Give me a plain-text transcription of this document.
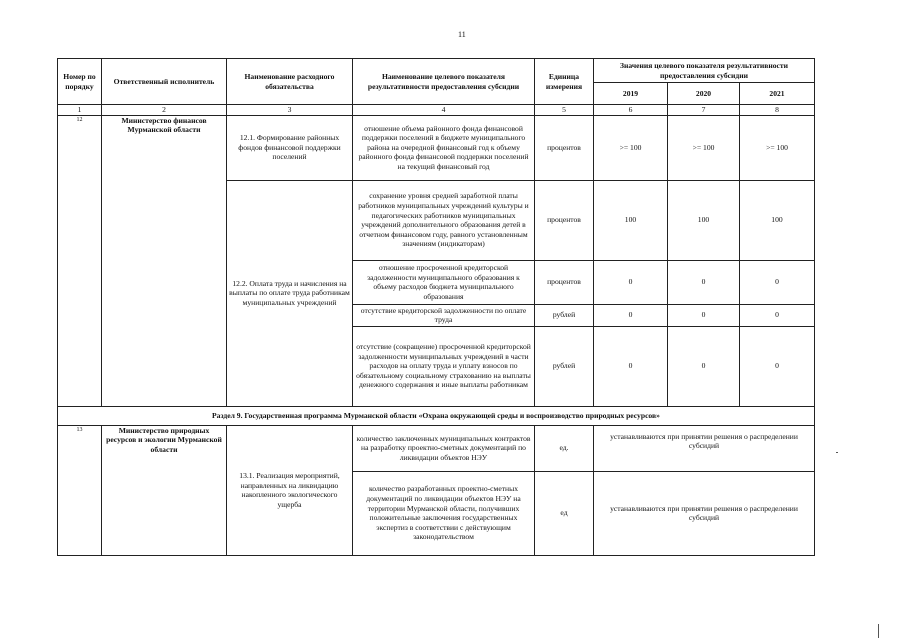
11
Номер по порядку	Ответственный исполнитель	Наименование расходного обязательства	Наименование целевого показателя результативности предоставления субсидии	Единица измерения	Значения целевого показателя результативности предоставления субсидии		
					2019	2020	2021
1	2	3	4	5	6	7	8
12	Министерство финансов Мурманской области	12.1. Формирование районных фондов финансовой поддержки поселений	отношение объема районного фонда финансовой поддержки поселений в бюджете муниципального района на очередной финансовый год к объему районного фонда финансовой поддержки поселений на текущий финансовый год	процентов	>= 100	>= 100	>= 100
		12.2. Оплата труда и начисления на выплаты по оплате труда работникам муниципальных учреждений	сохранение уровня средней заработной платы работников муниципальных учреждений культуры и педагогических работников муниципальных учреждений дополнительного образования детей в отчетном финансовом году, равного установленным значениям (индикаторам)	процентов	100	100	100
			отношение просроченной кредиторской задолженности муниципального образования к объему расходов бюджета муниципального образования	процентов	0	0	0
			отсутствие кредиторской задолженности по оплате труда	рублей	0	0	0
			отсутствие (сокращение) просроченной кредиторской задолженности муниципальных учреждений в части расходов на оплату труда и уплату взносов по обязательному социальному страхованию на выплаты денежного содержания и иные выплаты работникам	рублей	0	0	0
Раздел 9. Государственная программа Мурманской области «Охрана окружающей среды и воспроизводство природных ресурсов»							
13	Министерство природных ресурсов и экологии Мурманской области	13.1. Реализация мероприятий, направленных на ликвидацию накопленного экологического ущерба	количество заключенных муниципальных контрактов на разработку проектно-сметных документаций по ликвидации объектов НЭУ	ед.	устанавливаются при принятии решения о распределении субсидий		
			количество разработанных проектно-сметных документаций по ликвидации объектов НЭУ на территории Мурманской области, получивших положительные заключения государственных экспертиз в соответствии с действующим законодательством	ед	устанавливаются при принятии решения о распределении субсидий		
